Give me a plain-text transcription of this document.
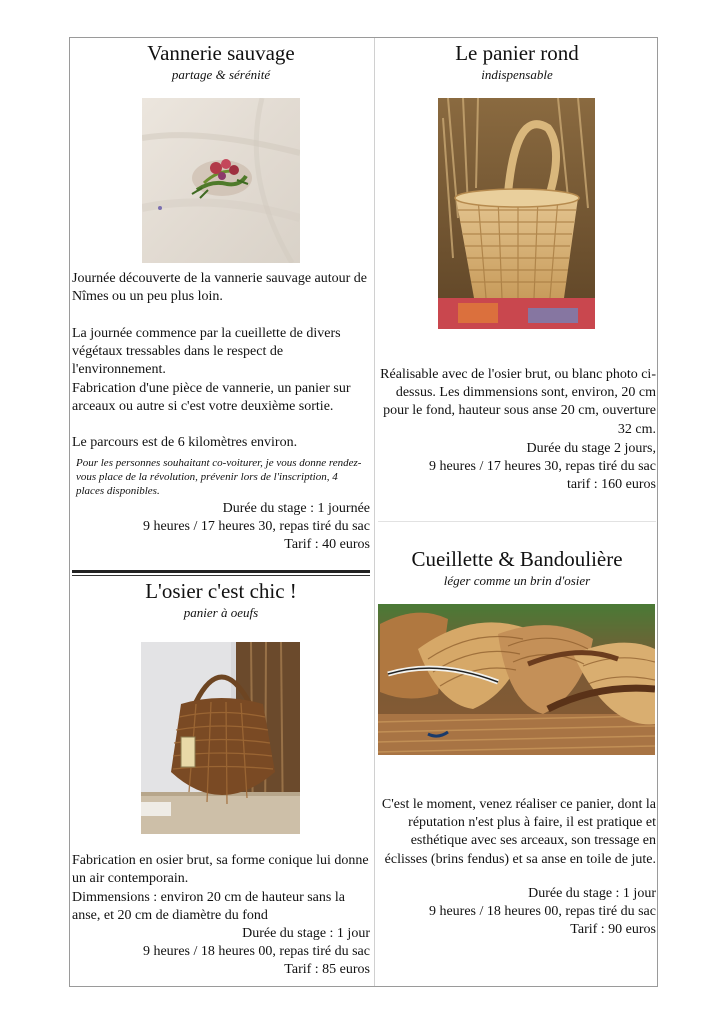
Vannerie sauvage
partage & sérénité

Journée découverte de la vannerie sauvage autour de Nîmes ou un peu plus loin.

La journée commence par la cueillette de divers végétaux tressables dans le respect de l'environnement.

Fabrication d'une pièce de vannerie, un panier sur arceaux ou autre si c'est votre deuxième sortie.

Le parcours est de 6 kilomètres environ.

Pour les personnes souhaitant co-voiturer, je vous donne rendez-vous place de la révolution, prévenir lors de l'inscription, 4 places disponibles.

Durée du stage : 1 journée

9 heures / 17 heures 30, repas tiré du sac

Tarif : 40 euros

Le panier rond
indispensable

Réalisable avec de l'osier brut, ou blanc photo ci-dessus. Les dimmensions sont, environ, 20 cm pour le fond, hauteur sous anse 20 cm, ouverture 32 cm.

Durée du stage 2 jours,

9 heures / 17 heures 30, repas tiré du sac

tarif : 160 euros

L'osier c'est chic !
panier à oeufs

Fabrication en osier brut, sa forme conique lui donne un air contemporain.

Dimmensions : environ 20 cm de hauteur sans la anse, et 20 cm de diamètre du fond

Durée du stage : 1 jour

9 heures / 18 heures 00, repas tiré du sac

Tarif : 85 euros

Cueillette & Bandoulière
léger comme un brin d'osier

C'est le moment, venez réaliser ce panier, dont la réputation n'est plus à faire, il est pratique et esthétique avec ses arceaux, son tressage en éclisses (brins fendus) et sa anse en toile de jute.

Durée du stage : 1 jour

9 heures / 18 heures 00, repas tiré du sac

Tarif : 90 euros
